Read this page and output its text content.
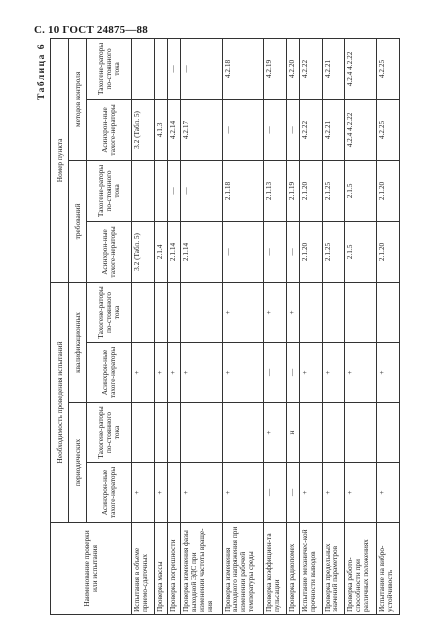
С. 10 ГОСТ 24875—88
Таблица 6
Наименование проверки или испытания	Необходимость проведения испытаний				Номер пункта			
	периодических		квалификационных		требований		методов контроля	
	Асинхрон-ные тахоге-нераторы	Тахогене-раторы по-стоянного тока	Асинхрон-ные тахоге-нераторы	Тахогене-раторы по-стоянного тока	Асинхрон-ные тахоге-нераторы	Тахогене-раторы по-стоянного тока	Асинхрон-ные тахоге-нераторы	Тахогене-раторы по-стоянного тока
Испытания в объеме приемо-сдаточных	+		+		3.2 (Табл. 5)		3.2 (Табл. 5)	
Проверка массы	+		+		2.1.4		4.1.3	
Проверка погрешности			+		2.1.14	—	4.2.14	—
Проверка изменения фазы выходной ЭДС при изменении частоты враще-ния	+		+		2.1.14	—	4.2.17	—
Проверка изменения выходного напряжения при изменении рабочей температуры среды	+		+	+	—	2.1.18	—	4.2.18
Проверка коэффициен-та пульсации	—	+	—	+	—	2.1.13	—	4.2.19
Проверка радиопомех	—	н	—	+	—	2.1.19	—	4.2.20
Испытание механичес-кой прочности выводов	+		+		2.1.20	2.1.20	4.2.22	4.2.22
Проверка предельных значений параметров	+		+		2.1.25	2.1.25	4.2.21	4.2.21
Проверка работо-способности при различных положениях	+		+		2.1.5	2.1.5	4.2.4 4.2.22	4.2.4 4.2.22
Испытание на вибро-устойчивость	+		+		2.1.20	2.1.20	4.2.25	4.2.25
